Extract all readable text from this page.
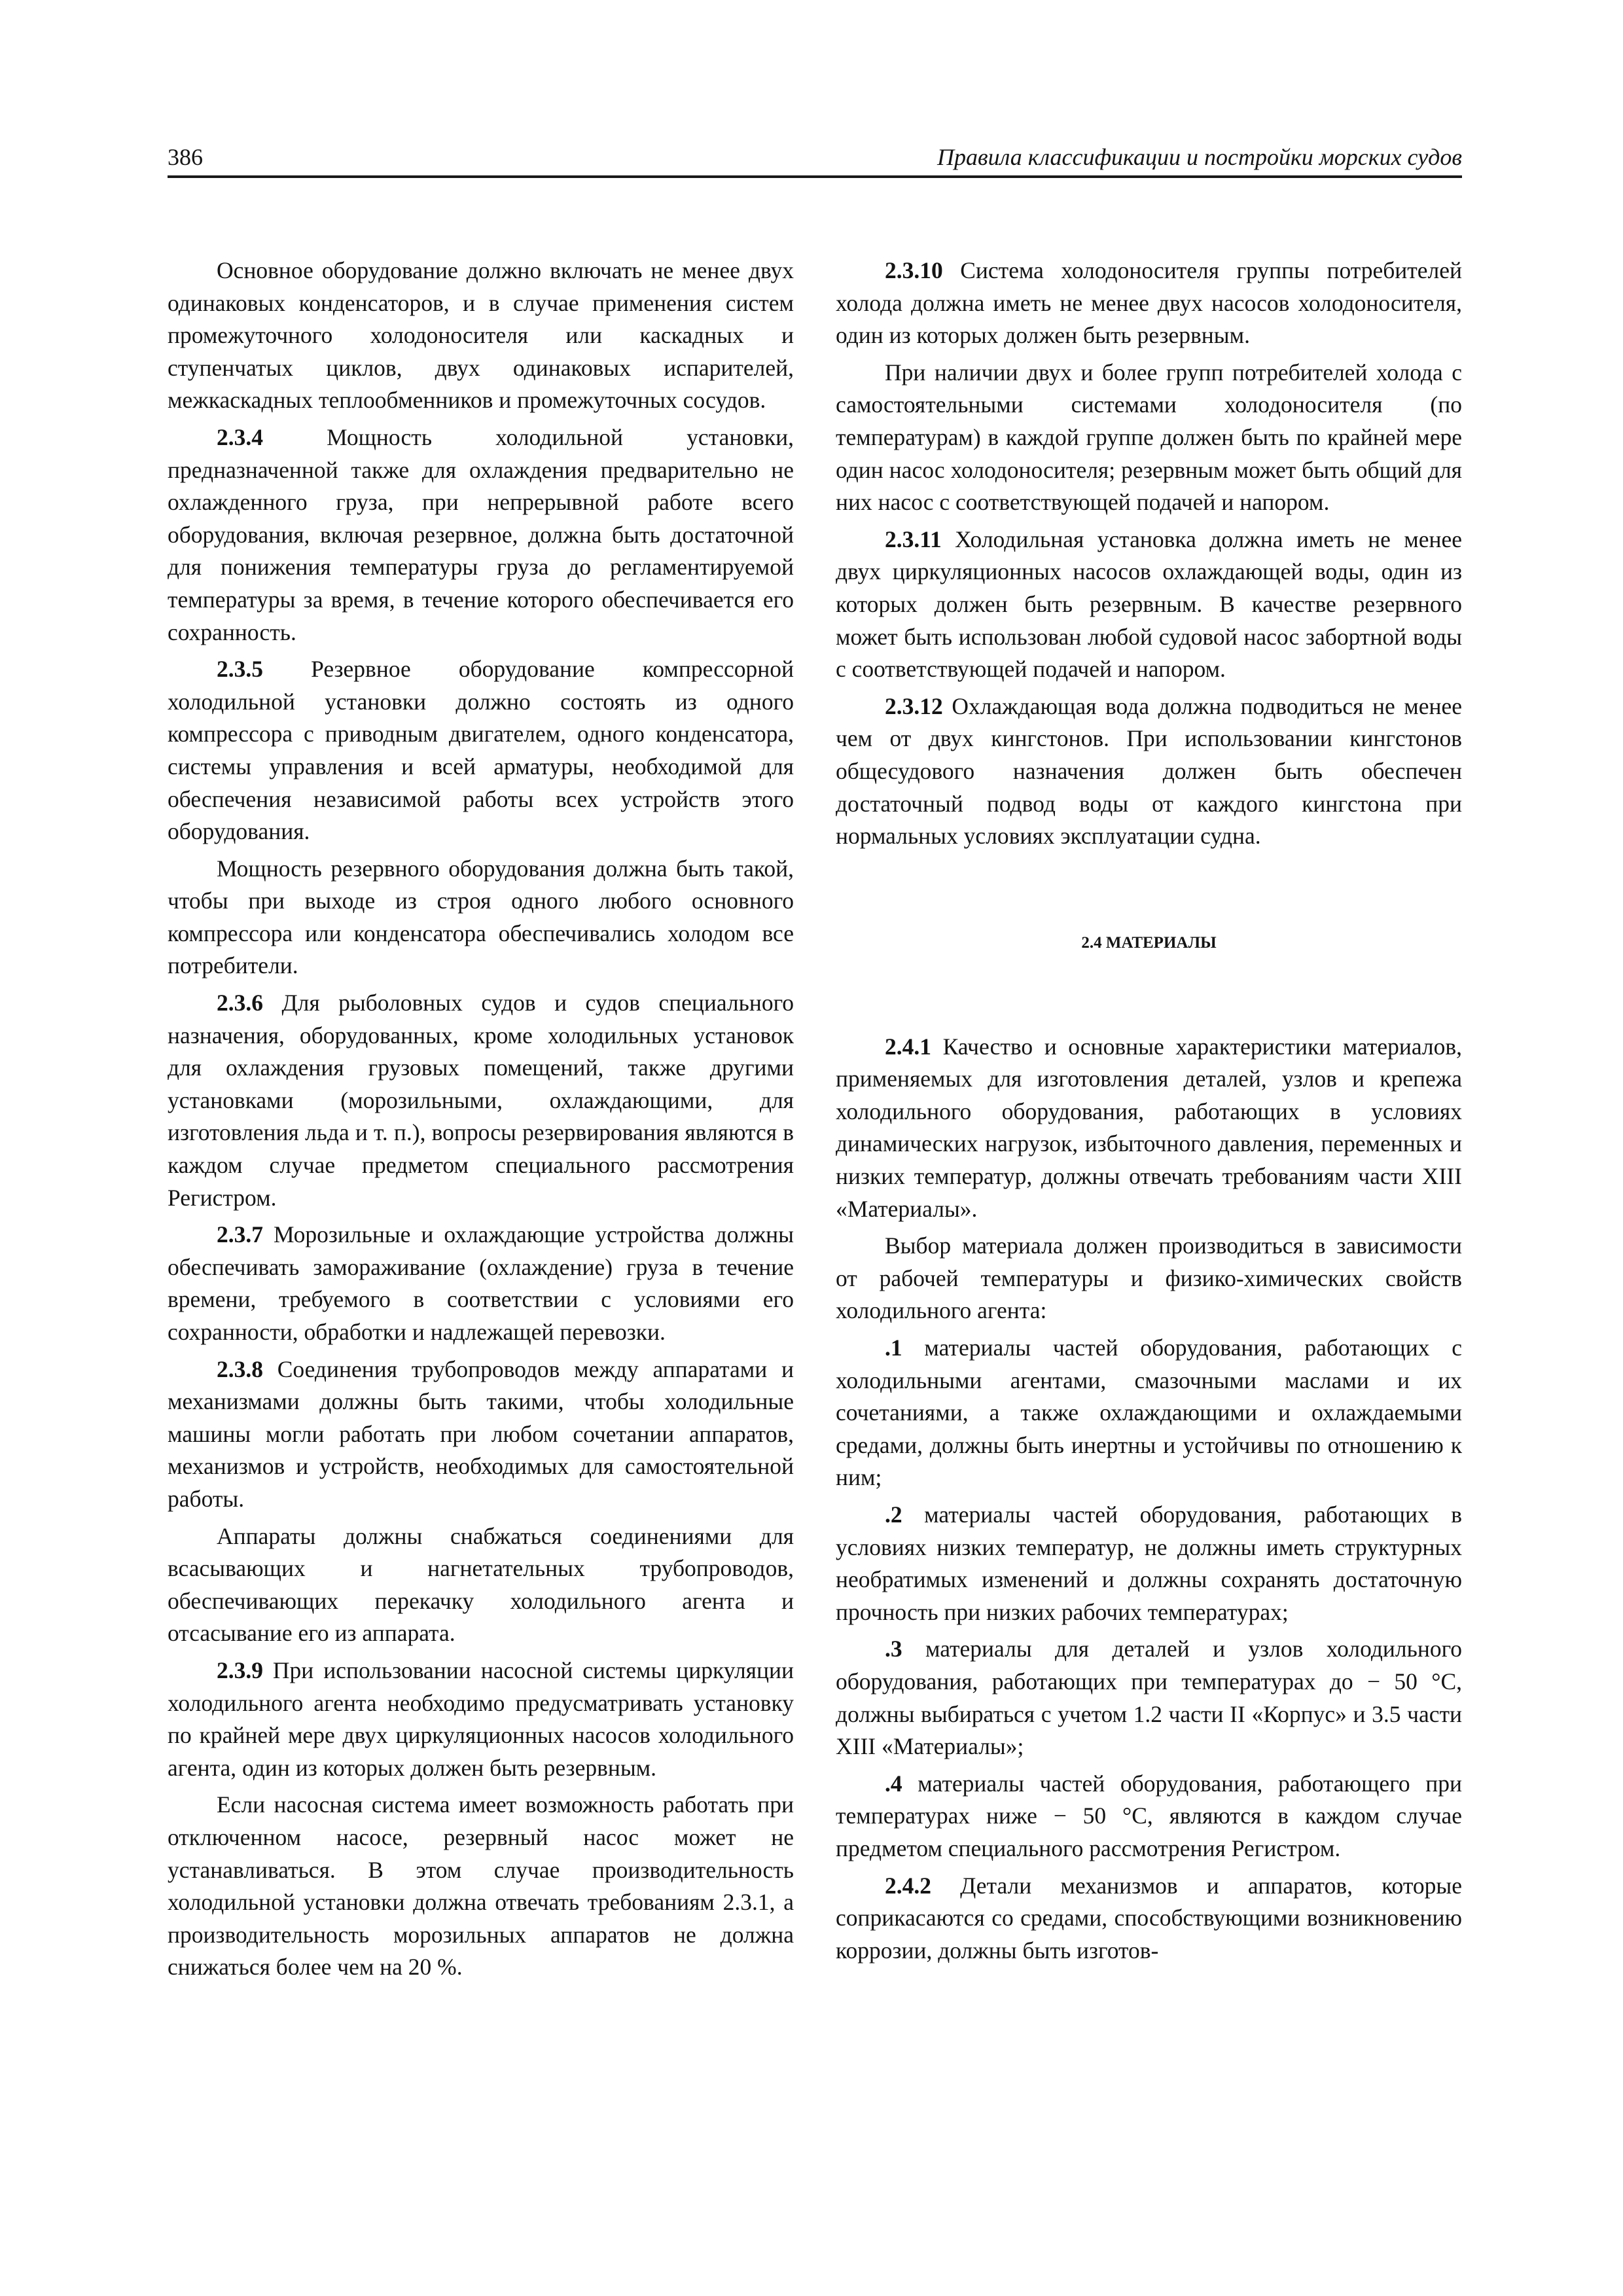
386	Правила классификации и постройки морских судов

Основное оборудование должно включать не менее двух одинаковых конденсаторов, и в случае применения систем промежуточного холодоносителя или каскадных и ступенчатых циклов, двух одинаковых испарителей, межкаскадных теплообменников и промежуточных сосудов.

2.3.4	Мощность холодильной установки, предназначенной также для охлаждения предварительно не охлажденного груза, при непрерывной работе всего оборудования, включая резервное, должна быть достаточной для понижения температуры груза до регламентируемой температуры за время, в течение которого обеспечивается его сохранность.

2.3.5 Резервное оборудование компрессорной холодильной установки должно состоять из одного компрессора с приводным двигателем, одного конденсатора, системы управления и всей арматуры, необходимой для обеспечения независимой работы всех устройств этого оборудования.

Мощность резервного оборудования должна быть такой, чтобы при выходе из строя одного любого основного компрессора или конденсатора обеспечивались холодом все потребители.

2.3.6 Для рыболовных судов и судов специального назначения, оборудованных, кроме холодильных установок для охлаждения грузовых помещений, также другими установками (морозильными, охлаждающими, для изготовления льда и т. п.), вопросы резервирования являются в каждом случае предметом специального рассмотрения Регистром.

2.3.7 Морозильные и охлаждающие устройства должны обеспечивать замораживание (охлаждение) груза в течение времени, требуемого в соответствии с условиями его сохранности, обработки и надлежащей перевозки.

2.3.8 Соединения трубопроводов между аппаратами и механизмами должны быть такими, чтобы холодильные машины могли работать при любом сочетании аппаратов, механизмов и устройств, необходимых для самостоятельной работы.

Аппараты должны снабжаться соединениями для всасывающих и нагнетательных трубопроводов, обеспечивающих перекачку холодильного агента и отсасывание его из аппарата.

2.3.9 При использовании насосной системы циркуляции холодильного агента необходимо предусматривать установку по крайней мере двух циркуляционных насосов холодильного агента, один из которых должен быть резервным.

Если насосная система имеет возможность работать при отключенном насосе, резервный насос может не устанавливаться. В этом случае производительность холодильной установки должна отвечать требованиям 2.3.1, а производительность морозильных аппаратов не должна снижаться более чем на 20 %.

2.3.10 Система холодоносителя группы потребителей холода должна иметь не менее двух насосов холодоносителя, один из которых должен быть резервным.

При наличии двух и более групп потребителей холода с самостоятельными системами холодоносителя (по температурам) в каждой группе должен быть по крайней мере один насос холодоносителя; резервным может быть общий для них насос с соответствующей подачей и напором.

2.3.11 Холодильная установка должна иметь не менее двух циркуляционных насосов охлаждающей воды, один из которых должен быть резервным. В качестве резервного может быть использован любой судовой насос забортной воды с соответствующей подачей и напором.

2.3.12 Охлаждающая вода должна подводиться не менее чем от двух кингстонов. При использовании кингстонов общесудового назначения должен быть обеспечен достаточный подвод воды от каждого кингстона при нормальных условиях эксплуатации судна.

2.4 МАТЕРИАЛЫ

2.4.1 Качество и основные характеристики материалов, применяемых для изготовления деталей, узлов и крепежа холодильного оборудования, работающих в условиях динамических нагрузок, избыточного давления, переменных и низких температур, должны отвечать требованиям части XIII «Материалы».

Выбор материала должен производиться в зависимости от рабочей температуры и физико-химических свойств холодильного агента:

.1 материалы частей оборудования, работающих с холодильными агентами, смазочными маслами и их сочетаниями, а также охлаждающими и охлаждаемыми средами, должны быть инертны и устойчивы по отношению к ним;

.2 материалы частей оборудования, работающих в условиях низких температур, не должны иметь структурных необратимых изменений и должны сохранять достаточную прочность при низких рабочих температурах;

.3 материалы для деталей и узлов холодильного оборудования, работающих при температурах до − 50 °С, должны выбираться с учетом 1.2 части II «Корпус» и 3.5 части XIII «Материалы»;

.4 материалы частей оборудования, работающего при температурах ниже − 50 °С, являются в каждом случае предметом специального рассмотрения Регистром.

2.4.2 Детали механизмов и аппаратов, которые соприкасаются со средами, способствующими возникновению коррозии, должны быть изготов-
